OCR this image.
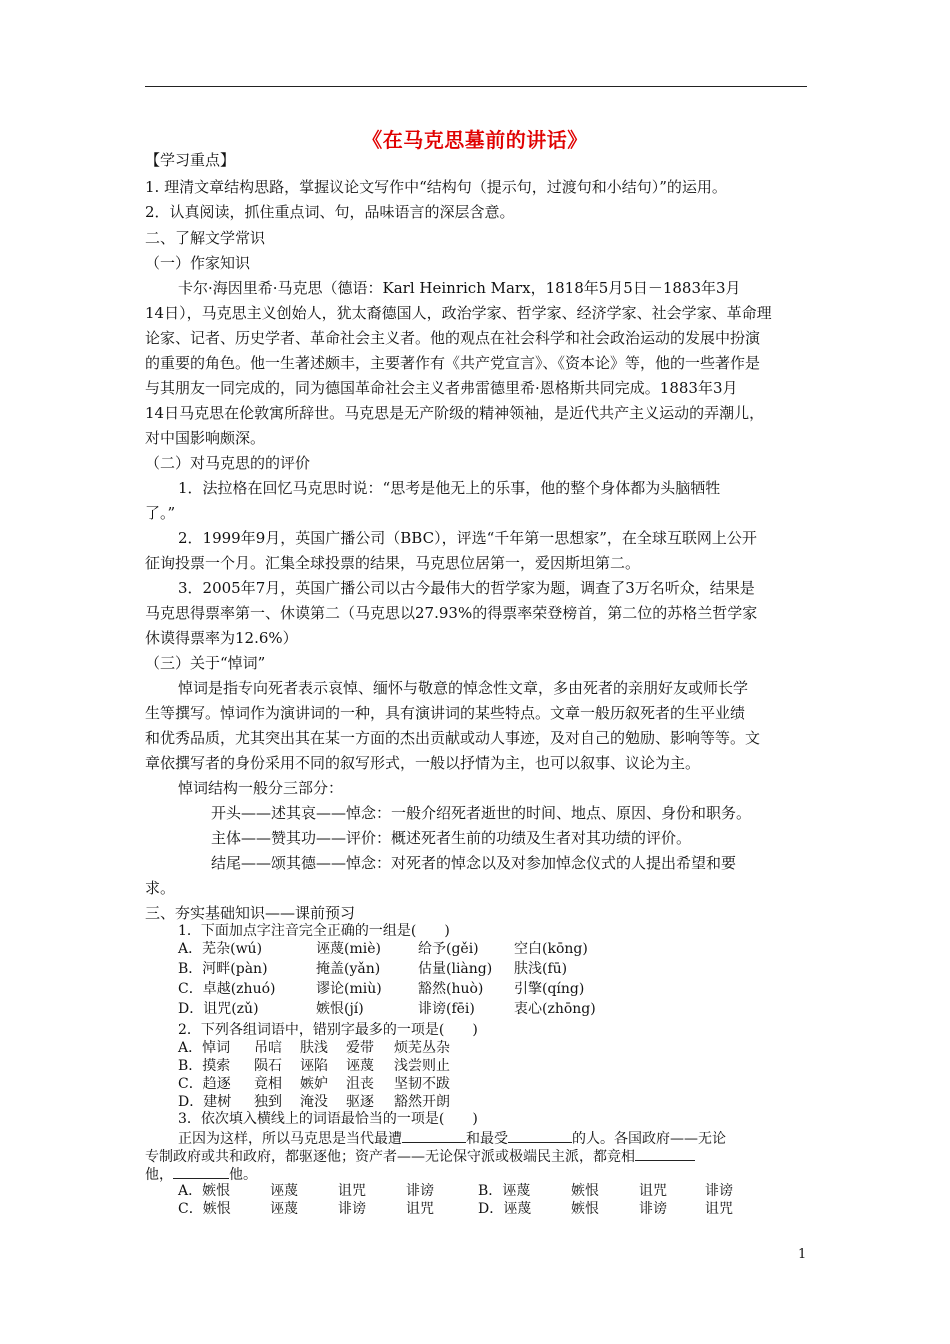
《在马克思墓前的讲话》
【学习重点】
1. 理清文章结构思路，掌握议论文写作中“结构句（提示句，过渡句和小结句）”的运用。
2．认真阅读，抓住重点词、句，品味语言的深层含意。
二、了解文学常识
（一）作家知识
卡尔·海因里希·马克思（德语：Karl Heinrich Marx，1818年5月5日－1883年3月
14日），马克思主义创始人，犹太裔德国人，政治学家、哲学家、经济学家、社会学家、革命理
论家、记者、历史学者、革命社会主义者。他的观点在社会科学和社会政治运动的发展中扮演
的重要的角色。他一生著述颇丰，主要著作有《共产党宣言》、《资本论》等，他的一些著作是
与其朋友一同完成的，同为德国革命社会主义者弗雷德里希·恩格斯共同完成。1883年3月
14日马克思在伦敦寓所辞世。马克思是无产阶级的精神领袖，是近代共产主义运动的弄潮儿，
对中国影响颇深。
（二）对马克思的的评价
1．法拉格在回忆马克思时说：“思考是他无上的乐事，他的整个身体都为头脑牺牲
了。”
2．1999年9月，英国广播公司（BBC），评选“千年第一思想家”，在全球互联网上公开
征询投票一个月。汇集全球投票的结果，马克思位居第一，爱因斯坦第二。
3．2005年7月，英国广播公司以古今最伟大的哲学家为题，调查了3万名听众，结果是
马克思得票率第一、休谟第二（马克思以27.93%的得票率荣登榜首，第二位的苏格兰哲学家
休谟得票率为12.6%）
（三）关于“悼词”
悼词是指专向死者表示哀悼、缅怀与敬意的悼念性文章，多由死者的亲朋好友或师长学
生等撰写。悼词作为演讲词的一种，具有演讲词的某些特点。文章一般历叙死者的生平业绩
和优秀品质，尤其突出其在某一方面的杰出贡献或动人事迹，及对自己的勉励、影响等等。文
章依撰写者的身份采用不同的叙写形式，一般以抒情为主，也可以叙事、议论为主。
悼词结构一般分三部分：
开头——述其哀——悼念：一般介绍死者逝世的时间、地点、原因、身份和职务。
主体——赞其功——评价：概述死者生前的功绩及生者对其功绩的评价。
结尾——颂其德——悼念：对死者的悼念以及对参加悼念仪式的人提出希望和要
求。
三、夯实基础知识——课前预习
1．下面加点字注音完全正确的一组是(　　)
A．芜杂(wú)	诬蔑(miè)	给予(gěi)	空白(kōng)
B．河畔(pàn)	掩盖(yǎn)	估量(liàng) 肤浅(fū)
C．卓越(zhuó)	谬论(miù)	豁然(huò) 引擎(qíng)
D．诅咒(zǔ)	嫉恨(jí)	诽谤(fēi)	衷心(zhōng)
2．下列各组词语中，错别字最多的一项是(　　)
A．悼词 吊唁 肤浅 爱带 烦芜丛杂
B．摸索 陨石 诬陷 诬蔑 浅尝则止
C．趋逐 竟相 嫉妒 沮丧 坚韧不跋
D．建树 独到 淹没 驱逐 豁然开朗
3．依次填入横线上的词语最恰当的一项是(　　)
正因为这样，所以马克思是当代最遭	和最受	的人。各国政府——无论
专制政府或共和政府，都驱逐他；资产者——无论保守派或极端民主派，都竞相
他，	他。
A．嫉恨	诬蔑	诅咒	诽谤	B．诬蔑	嫉恨	诅咒	诽谤
C．嫉恨	诬蔑	诽谤	诅咒	D．诬蔑	嫉恨	诽谤	诅咒
1
